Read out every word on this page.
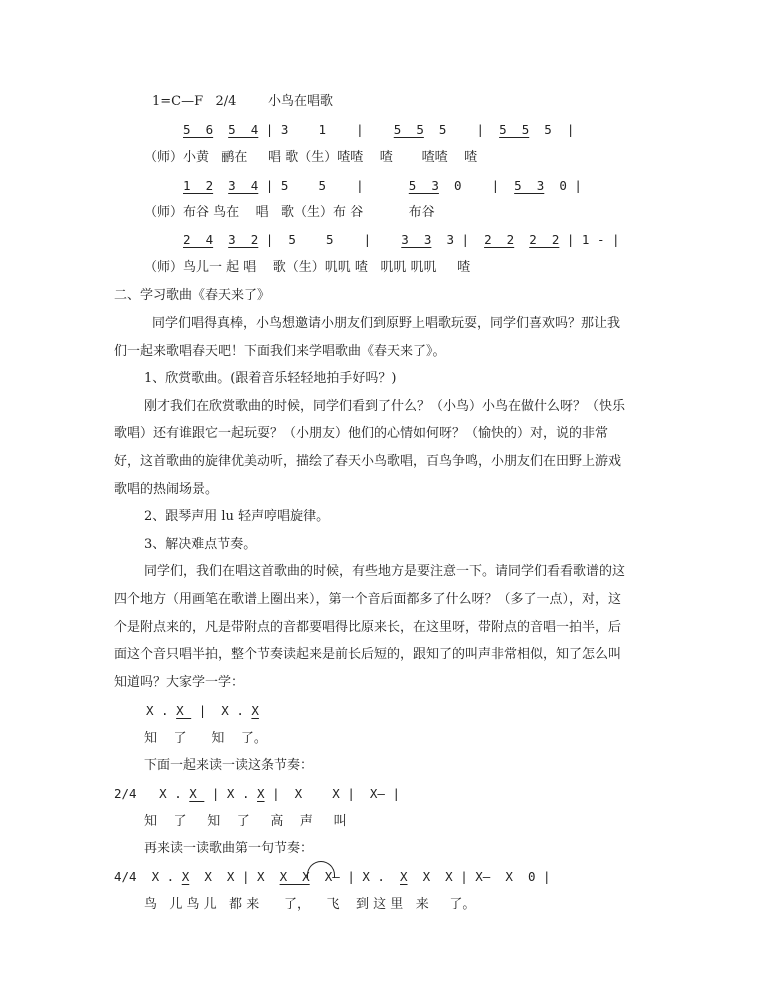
1=C—F   2/4 小鸟在唱歌
5  6 5  4 | 3    1    |    5  5  5    |  5  5  5  |
（师）小黄   鹂在     唱 歌（生）喳喳    喳       喳喳    喳
1  2 3  4 | 5    5    |      5  3  0    |  5  3  0 |
（师）布谷 鸟在    唱   歌（生）布 谷           布谷
2  4 3  2 |  5    5    |    3  3  3 |  2  2 2  2 | 1 - |
（师）鸟儿一 起 唱    歌（生）叽叽 喳   叽叽 叽叽     喳
二、学习歌曲《春天来了》
同学们唱得真棒，小鸟想邀请小朋友们到原野上唱歌玩耍，同学们喜欢吗？那让我
们一起来歌唱春天吧！下面我们来学唱歌曲《春天来了》。
1、欣赏歌曲。(跟着音乐轻轻地拍手好吗？)
刚才我们在欣赏歌曲的时候，同学们看到了什么？（小鸟）小鸟在做什么呀？（快乐
歌唱）还有谁跟它一起玩耍？（小朋友）他们的心情如何呀？（愉快的）对，说的非常
好，这首歌曲的旋律优美动听，描绘了春天小鸟歌唱，百鸟争鸣，小朋友们在田野上游戏
歌唱的热闹场景。
2、跟琴声用 lu 轻声哼唱旋律。
3、解决难点节奏。
同学们，我们在唱这首歌曲的时候，有些地方是要注意一下。请同学们看看歌谱的这
四个地方（用画笔在歌谱上圈出来），第一个音后面都多了什么呀？（多了一点），对，这
个是附点来的，凡是带附点的音都要唱得比原来长，在这里呀，带附点的音唱一拍半，后
面这个音只唱半拍，整个节奏读起来是前长后短的，跟知了的叫声非常相似，知了怎么叫
知道吗？大家学一学：
X . X  |  X . X
知    了      知    了。
下面一起来读一读这条节奏：
2/4   X . X  | X . X |  X    X |  X— |
知    了     知    了     高    声     叫
再来读一读歌曲第一句节奏：
4/4  X . X  X  X | X  X  X  X— | X .  X  X  X | X—  X  0 |
鸟   儿 鸟 儿   都 来      了，    飞    到 这 里   来     了。
